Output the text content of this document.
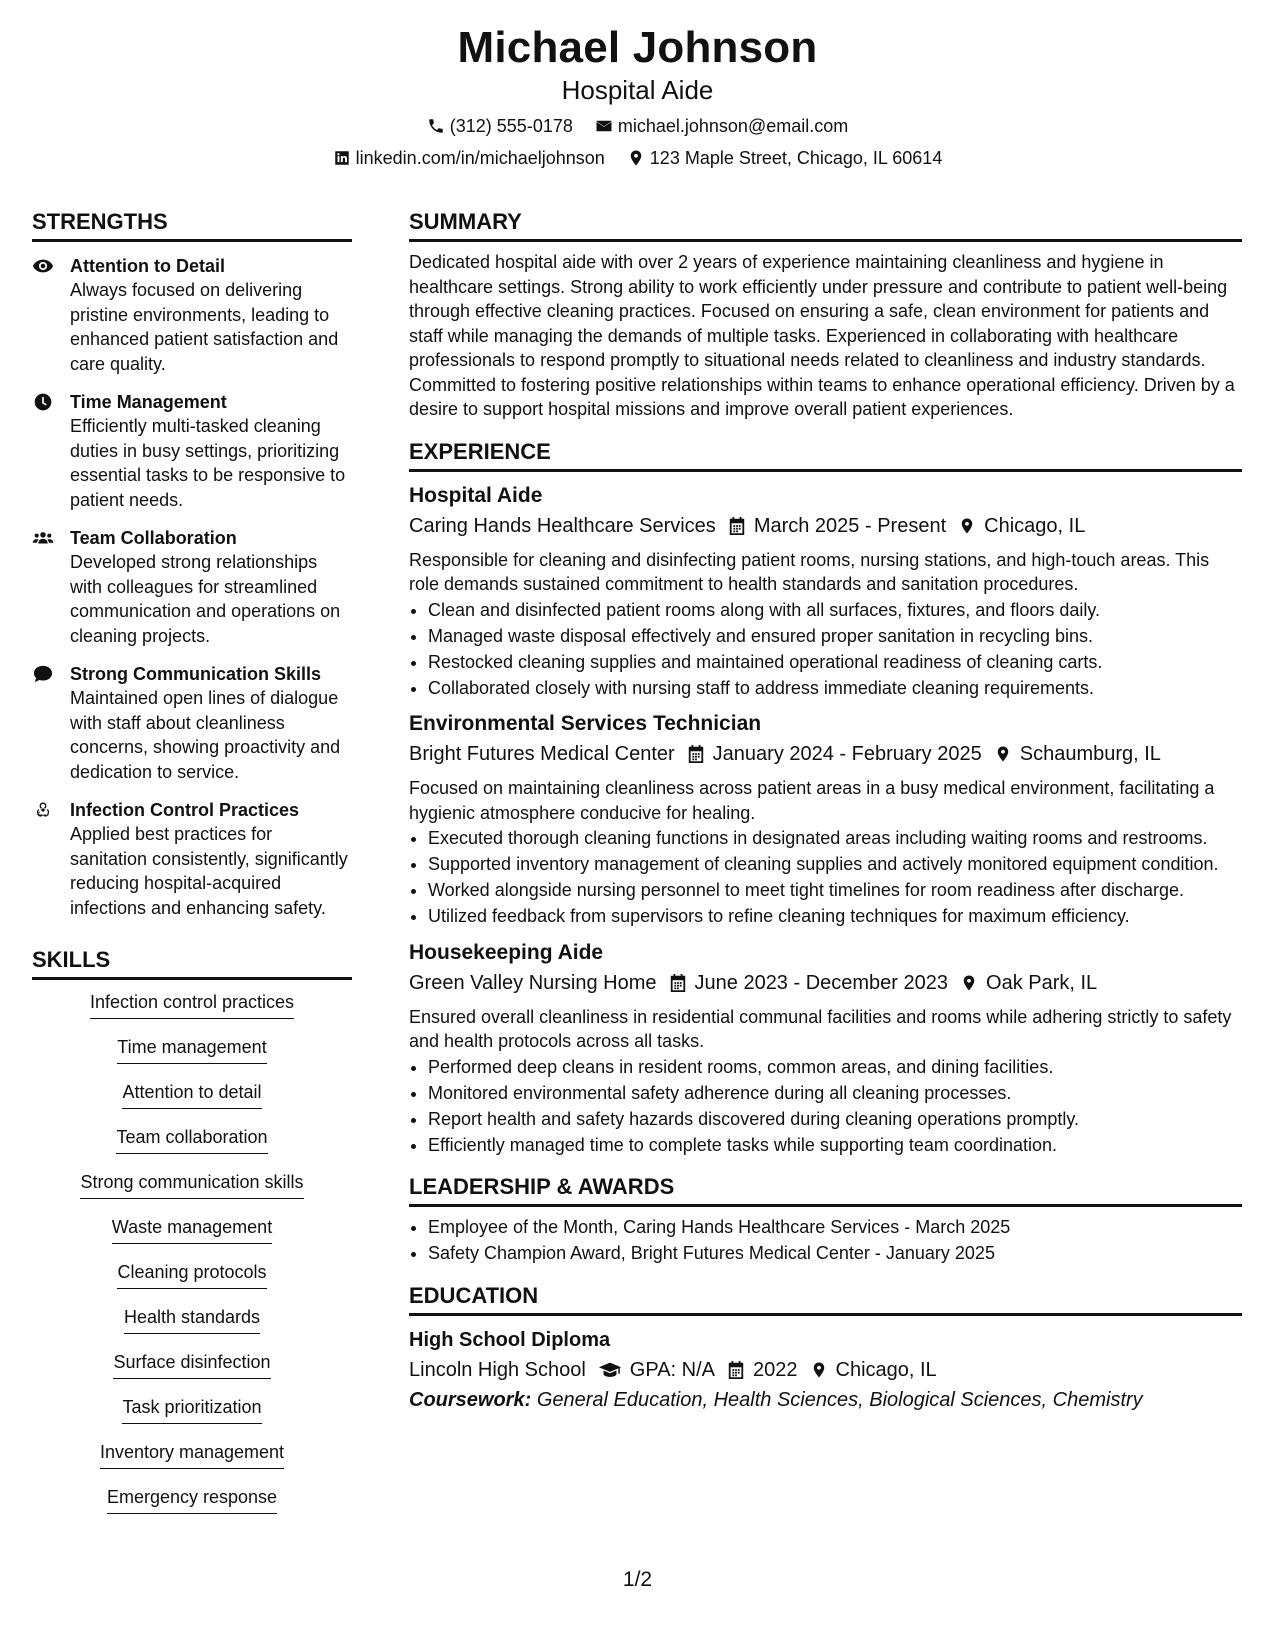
Michael Johnson
Hospital Aide
(312) 555-0178	michael.johnson@email.com
linkedin.com/in/michaeljohnson	123 Maple Street, Chicago, IL 60614
STRENGTHS
Attention to Detail
Always focused on delivering pristine environments, leading to enhanced patient satisfaction and care quality.
Time Management
Efficiently multi-tasked cleaning duties in busy settings, prioritizing essential tasks to be responsive to patient needs.
Team Collaboration
Developed strong relationships with colleagues for streamlined communication and operations on cleaning projects.
Strong Communication Skills
Maintained open lines of dialogue with staff about cleanliness concerns, showing proactivity and dedication to service.
Infection Control Practices
Applied best practices for sanitation consistently, significantly reducing hospital-acquired infections and enhancing safety.
SKILLS
Infection control practices
Time management
Attention to detail
Team collaboration
Strong communication skills
Waste management
Cleaning protocols
Health standards
Surface disinfection
Task prioritization
Inventory management
Emergency response
SUMMARY
Dedicated hospital aide with over 2 years of experience maintaining cleanliness and hygiene in healthcare settings. Strong ability to work efficiently under pressure and contribute to patient well-being through effective cleaning practices. Focused on ensuring a safe, clean environment for patients and staff while managing the demands of multiple tasks. Experienced in collaborating with healthcare professionals to respond promptly to situational needs related to cleanliness and industry standards. Committed to fostering positive relationships within teams to enhance operational efficiency. Driven by a desire to support hospital missions and improve overall patient experiences.
EXPERIENCE
Hospital Aide
Caring Hands Healthcare Services March 2025 - Present Chicago, IL
Responsible for cleaning and disinfecting patient rooms, nursing stations, and high-touch areas. This role demands sustained commitment to health standards and sanitation procedures.
• Clean and disinfected patient rooms along with all surfaces, fixtures, and floors daily.
• Managed waste disposal effectively and ensured proper sanitation in recycling bins.
• Restocked cleaning supplies and maintained operational readiness of cleaning carts.
• Collaborated closely with nursing staff to address immediate cleaning requirements.
Environmental Services Technician
Bright Futures Medical Center January 2024 - February 2025 Schaumburg, IL
Focused on maintaining cleanliness across patient areas in a busy medical environment, facilitating a hygienic atmosphere conducive for healing.
• Executed thorough cleaning functions in designated areas including waiting rooms and restrooms.
• Supported inventory management of cleaning supplies and actively monitored equipment condition.
• Worked alongside nursing personnel to meet tight timelines for room readiness after discharge.
• Utilized feedback from supervisors to refine cleaning techniques for maximum efficiency.
Housekeeping Aide
Green Valley Nursing Home June 2023 - December 2023 Oak Park, IL
Ensured overall cleanliness in residential communal facilities and rooms while adhering strictly to safety and health protocols across all tasks.
• Performed deep cleans in resident rooms, common areas, and dining facilities.
• Monitored environmental safety adherence during all cleaning processes.
• Report health and safety hazards discovered during cleaning operations promptly.
• Efficiently managed time to complete tasks while supporting team coordination.
LEADERSHIP & AWARDS
• Employee of the Month, Caring Hands Healthcare Services - March 2025
• Safety Champion Award, Bright Futures Medical Center - January 2025
EDUCATION
High School Diploma
Lincoln High School GPA: N/A 2022 Chicago, IL
Coursework: General Education, Health Sciences, Biological Sciences, Chemistry
1/2
